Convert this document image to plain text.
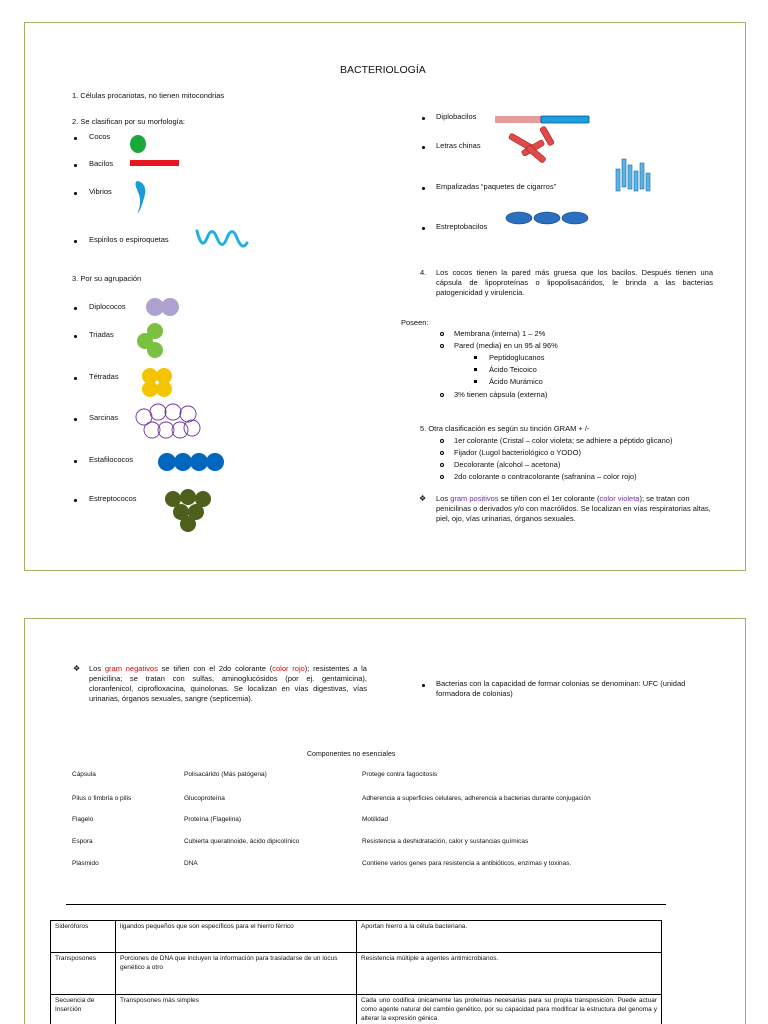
BACTERIOLOGÍA
1. Células procariotas, no tienen mitocondrias
2. Se clasifican por su morfología:
Cocos
Bacilos
Vibrios
Espirilos o espiroquetas
3. Por su agrupación
Diplococos
Triadas
Tétradas
Sarcinas
Estafilococos
Estreptococos
Diplobacilos
Letras chinas
Empalizadas “paquetes de cigarros”
Estreptobacilos
4. Los cocos tienen la pared más gruesa que los bacilos. Después tienen una cápsula de lipoproteínas o lipopolisacáridos, le brinda a las bacterias patogenicidad y virulencia.
Poseen:
Membrana (interna) 1 – 2%
Pared (media) en un 95 al 96%
Peptidoglucanos
Ácido Teicoico
Ácido Murámico
3% tienen cápsula (externa)
5. Otra clasificación es según su tinción GRAM + /-
1er colorante (Cristal – color violeta; se adhiere a péptido glicano)
Fijador (Lugol bacteriológico o YODO)
Decolorante (alcohol – acetona)
2do colorante o contracolorante (safranina – color rojo)
❖ Los gram positivos se tiñen con el 1er colorante (color violeta); se tratan con penicilinas o derivados y/o con macrólidos. Se localizan en vías respiratorias altas, piel, ojo, vías urinarias, órganos sexuales.
❖ Los gram negativos se tiñen con el 2do colorante (color rojo); resistentes a la penicilina; se tratan con sulfas, aminoglucósidos (por ej. gentamicina), cloranfenicol, ciprofloxacina, quinolonas. Se localizan en vías digestivas, vías urinarias, órganos sexuales, sangre (septicemia).
Bacterias con la capacidad de formar colonias se denominan: UFC (unidad formadora de colonias)
Componentes no esenciales
Cápsula	Polisacárido (Más patógena)	Protege contra fagocitosis
Pilus o fimbria o pilis	Glucoproteína	Adherencia a superficies celulares, adherencia a bacterias durante conjugación
Flagelo	Proteína (Flagelina)	Motilidad
Espora	Cubierta queratinoide, ácido dipicolínico	Resistencia a deshidratación, calor y sustancias químicas
Plásmido	DNA	Contiene varios genes para resistencia a antibióticos, enzimas y toxinas.
Sideróforos	ligandos pequeños que son específicos para el hierro férrico	Aportan hierro a la célula bacteriana.
Transposones	Porciones de DNA que incluyen la información para trasladarse de un locus genético a otro	Resistencia múltiple a agentes antimicrobianos.
Secuencia de Inserción	Transposones más simples	Cada uno codifica únicamente las proteínas necesarias para su propia transposición. Puede actuar como agente natural del cambio genético, por su capacidad para modificar la estructura del genoma y alterar la expresión génica
